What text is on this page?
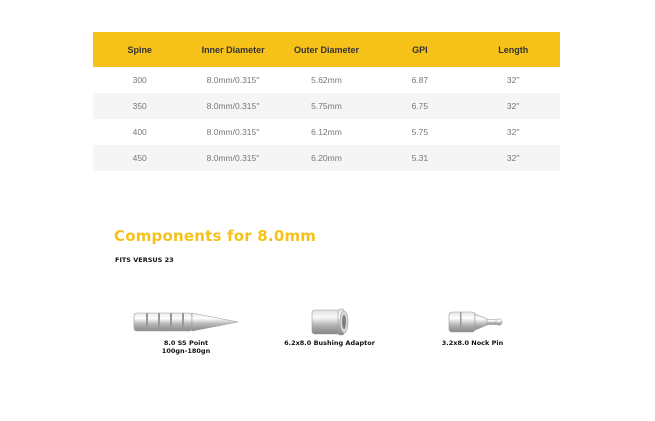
Spine	Inner Diameter	Outer Diameter	GPI	Length
300	8.0mm/0.315''	5.62mm	6.87	32''
350	8.0mm/0.315''	5.75mm	6.75	32''
400	8.0mm/0.315''	6.12mm	5.75	32''
450	8.0mm/0.315''	6.20mm	5.31	32''
Components for 8.0mm
FITS VERSUS 23
8.0 SS Point
100gn-180gn
6.2x8.0 Bushing Adaptor	3.2x8.0 Nock Pin
